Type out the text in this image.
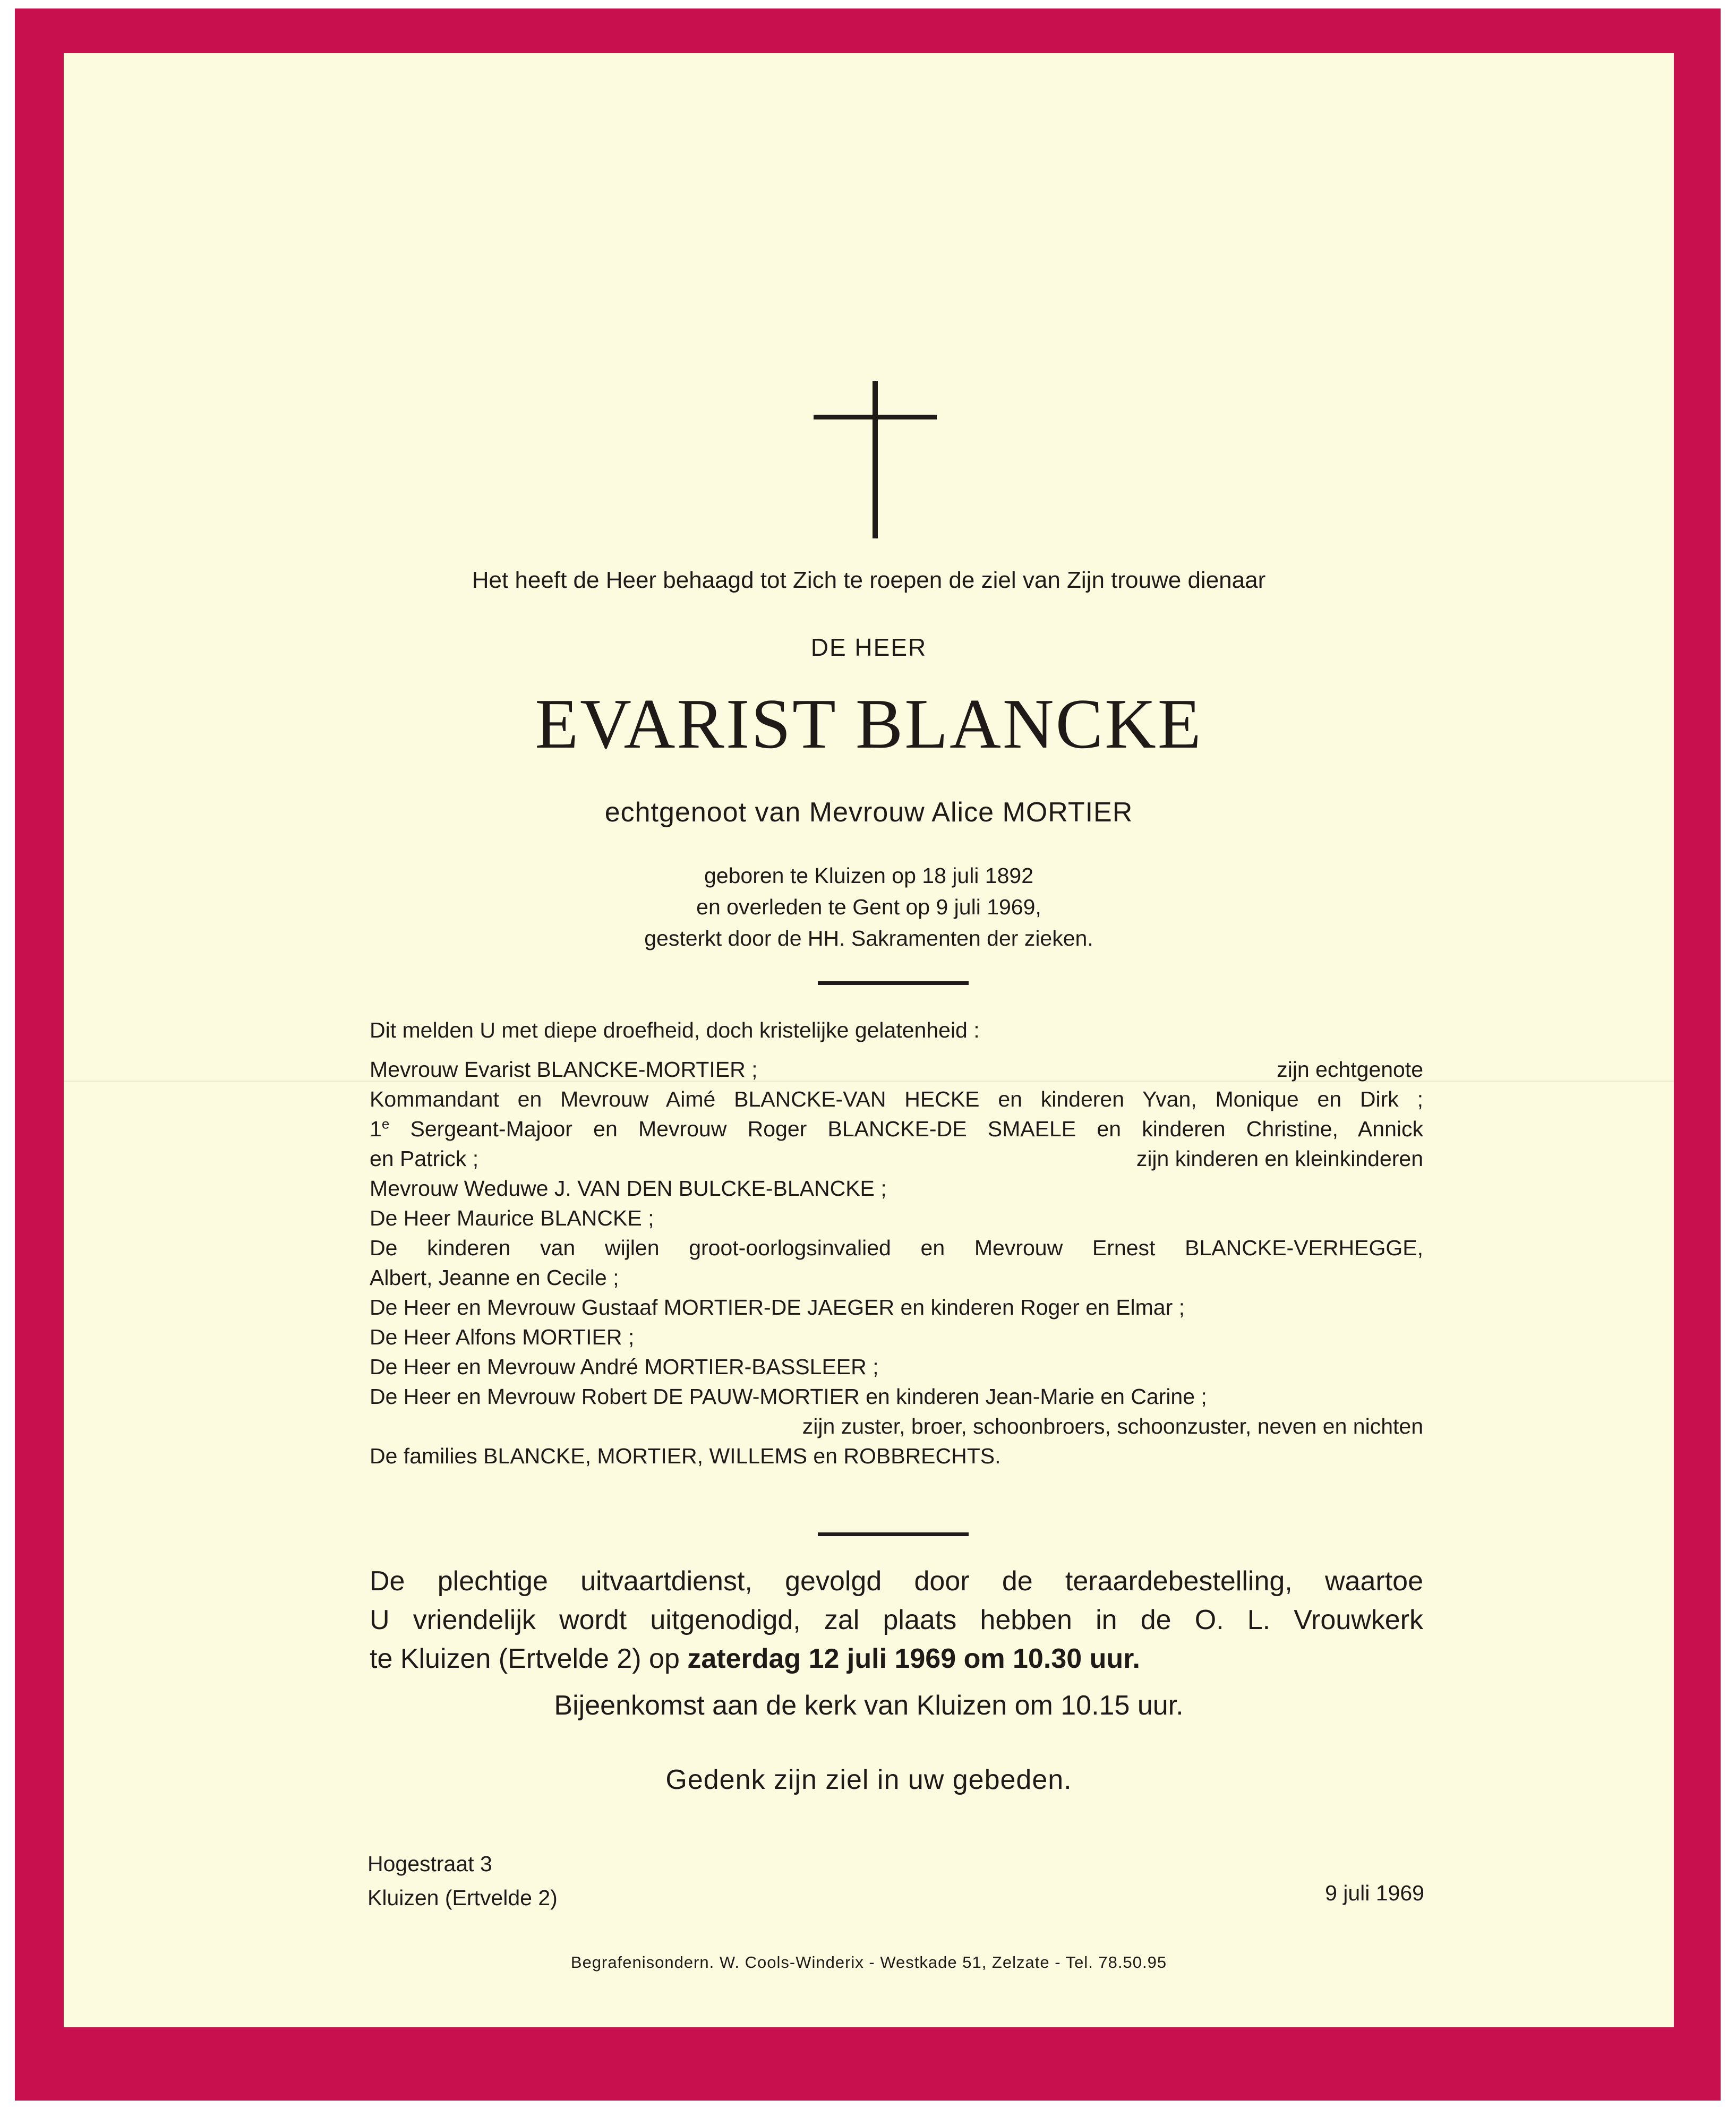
Het heeft de Heer behaagd tot Zich te roepen de ziel van Zijn trouwe dienaar
DE HEER
EVARIST BLANCKE
echtgenoot van Mevrouw Alice MORTIER
geboren te Kluizen op 18 juli 1892
en overleden te Gent op 9 juli 1969,
gesterkt door de HH. Sakramenten der zieken.
Dit melden U met diepe droefheid, doch kristelijke gelatenheid :
Mevrouw Evarist BLANCKE-MORTIER ;	zijn echtgenote
Kommandant en Mevrouw Aimé BLANCKE-VAN HECKE en kinderen Yvan, Monique en Dirk ;
1e Sergeant-Majoor en Mevrouw Roger BLANCKE-DE SMAELE en kinderen Christine, Annick
en Patrick ;	zijn kinderen en kleinkinderen
Mevrouw Weduwe J. VAN DEN BULCKE-BLANCKE ;
De Heer Maurice BLANCKE ;
De kinderen van wijlen groot-oorlogsinvalied en Mevrouw Ernest BLANCKE-VERHEGGE,
Albert, Jeanne en Cecile ;
De Heer en Mevrouw Gustaaf MORTIER-DE JAEGER en kinderen Roger en Elmar ;
De Heer Alfons MORTIER ;
De Heer en Mevrouw André MORTIER-BASSLEER ;
De Heer en Mevrouw Robert DE PAUW-MORTIER en kinderen Jean-Marie en Carine ;
zijn zuster, broer, schoonbroers, schoonzuster, neven en nichten
De families BLANCKE, MORTIER, WILLEMS en ROBBRECHTS.
De plechtige uitvaartdienst, gevolgd door de teraardebestelling, waartoe
U vriendelijk wordt uitgenodigd, zal plaats hebben in de O. L. Vrouwkerk
te Kluizen (Ertvelde 2) op zaterdag 12 juli 1969 om 10.30 uur.
Bijeenkomst aan de kerk van Kluizen om 10.15 uur.
Gedenk zijn ziel in uw gebeden.
Hogestraat 3
Kluizen (Ertvelde 2)	9 juli 1969
Begrafenisondern. W. Cools-Winderix - Westkade 51, Zelzate - Tel. 78.50.95
